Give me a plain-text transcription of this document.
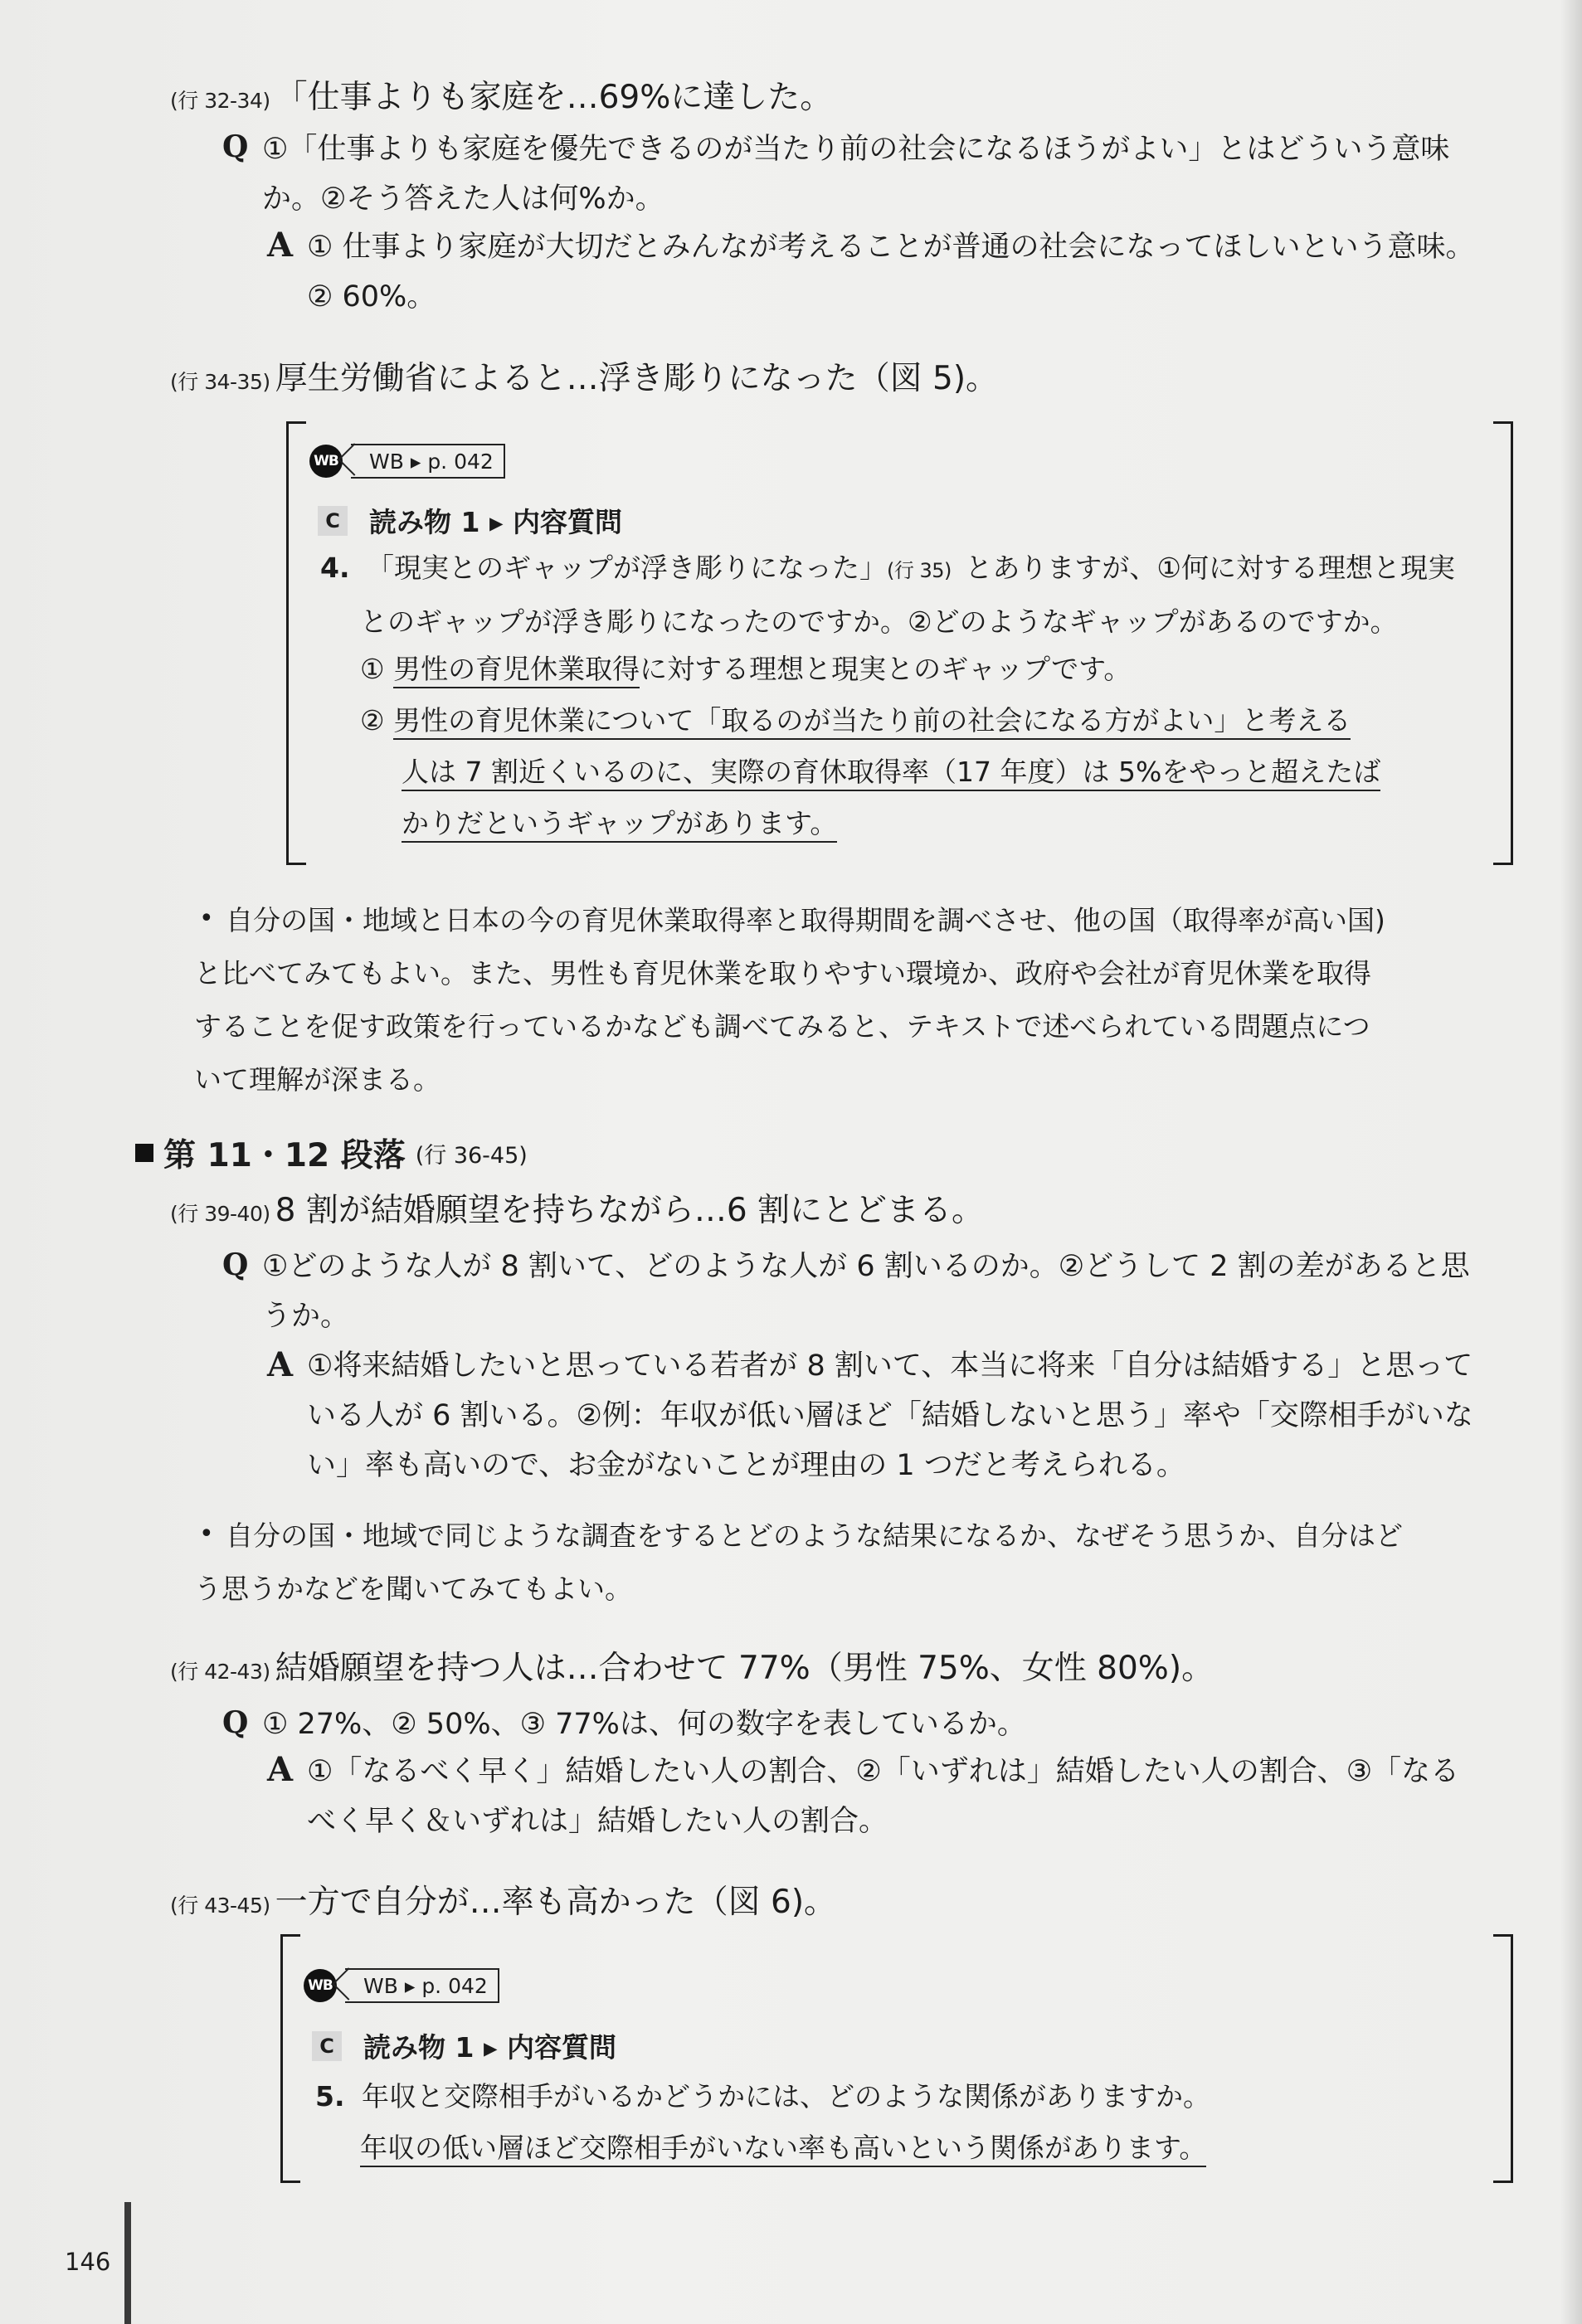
(行 32-34) 「仕事よりも家庭を…69%に達した。
Q ①「仕事よりも家庭を優先できるのが当たり前の社会になるほうがよい」とはどういう意味
か。②そう答えた人は何%か。
A ① 仕事より家庭が大切だとみんなが考えることが普通の社会になってほしいという意味。
② 60%。
(行 34-35) 厚生労働省によると…浮き彫りになった（図 5)。
WB	WB ▸ p. 042
C 読み物 1 ▸ 内容質問
4. 「現実とのギャップが浮き彫りになった」(行 35) とありますが、①何に対する理想と現実
とのギャップが浮き彫りになったのですか。②どのようなギャップがあるのですか。
① 男性の育児休業取得に対する理想と現実とのギャップです。
② 男性の育児休業について「取るのが当たり前の社会になる方がよい」と考える
人は 7 割近くいるのに、実際の育休取得率（17 年度）は 5%をやっと超えたば
かりだというギャップがあります。
• 自分の国・地域と日本の今の育児休業取得率と取得期間を調べさせ、他の国（取得率が高い国)
と比べてみてもよい。また、男性も育児休業を取りやすい環境か、政府や会社が育児休業を取得
することを促す政策を行っているかなども調べてみると、テキストで述べられている問題点につ
いて理解が深まる。
第 11・12 段落 (行 36-45)
(行 39-40) 8 割が結婚願望を持ちながら…6 割にとどまる。
Q ①どのような人が 8 割いて、どのような人が 6 割いるのか。②どうして 2 割の差があると思
うか。
A ①将来結婚したいと思っている若者が 8 割いて、本当に将来「自分は結婚する」と思って
いる人が 6 割いる。②例：年収が低い層ほど「結婚しないと思う」率や「交際相手がいな
い」率も高いので、お金がないことが理由の 1 つだと考えられる。
• 自分の国・地域で同じような調査をするとどのような結果になるか、なぜそう思うか、自分はど
う思うかなどを聞いてみてもよい。
(行 42-43) 結婚願望を持つ人は…合わせて 77%（男性 75%、女性 80%)。
Q ① 27%、② 50%、③ 77%は、何の数字を表しているか。
A ①「なるべく早く」結婚したい人の割合、②「いずれは」結婚したい人の割合、③「なる
べく早く＆いずれは」結婚したい人の割合。
(行 43-45) 一方で自分が…率も高かった（図 6)。
WB	WB ▸ p. 042
C 読み物 1 ▸ 内容質問
5. 年収と交際相手がいるかどうかには、どのような関係がありますか。
年収の低い層ほど交際相手がいない率も高いという関係があります。
146
